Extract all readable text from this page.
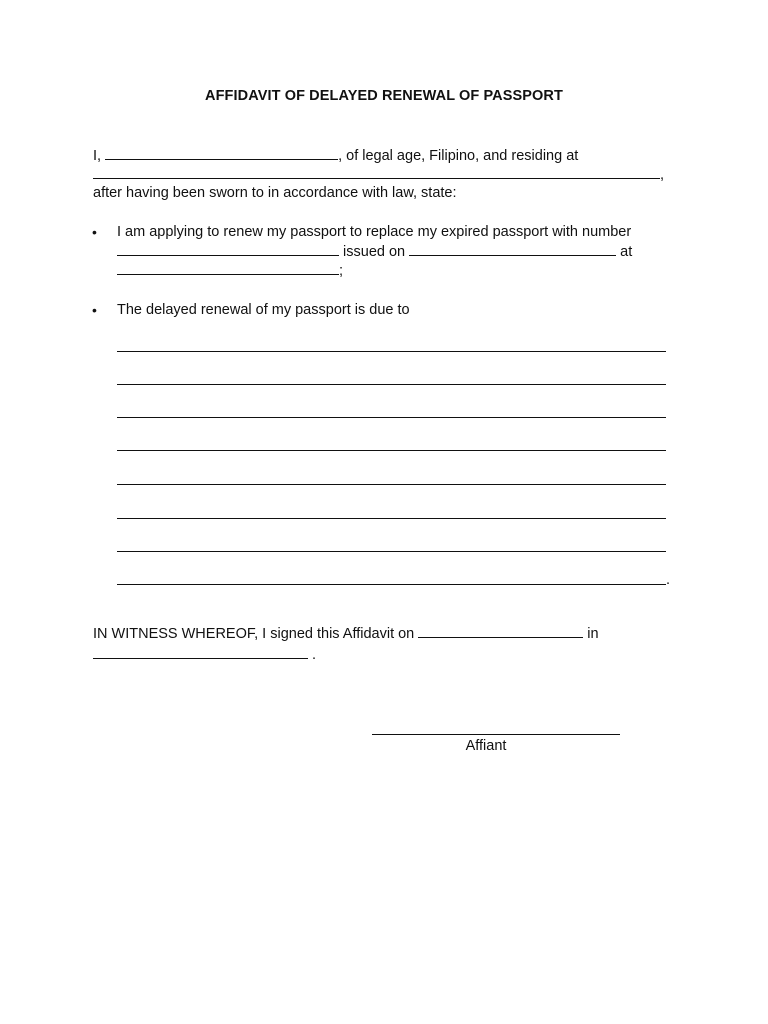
AFFIDAVIT OF DELAYED RENEWAL OF PASSPORT
I,	, of legal age, Filipino, and residing at
,
after having been sworn to in accordance with law, state:
• I am applying to renew my passport to replace my expired passport with number
issued on	at
;
• The delayed renewal of my passport is due to
.
IN WITNESS WHEREOF, I signed this Affidavit on	in
.
Affiant
